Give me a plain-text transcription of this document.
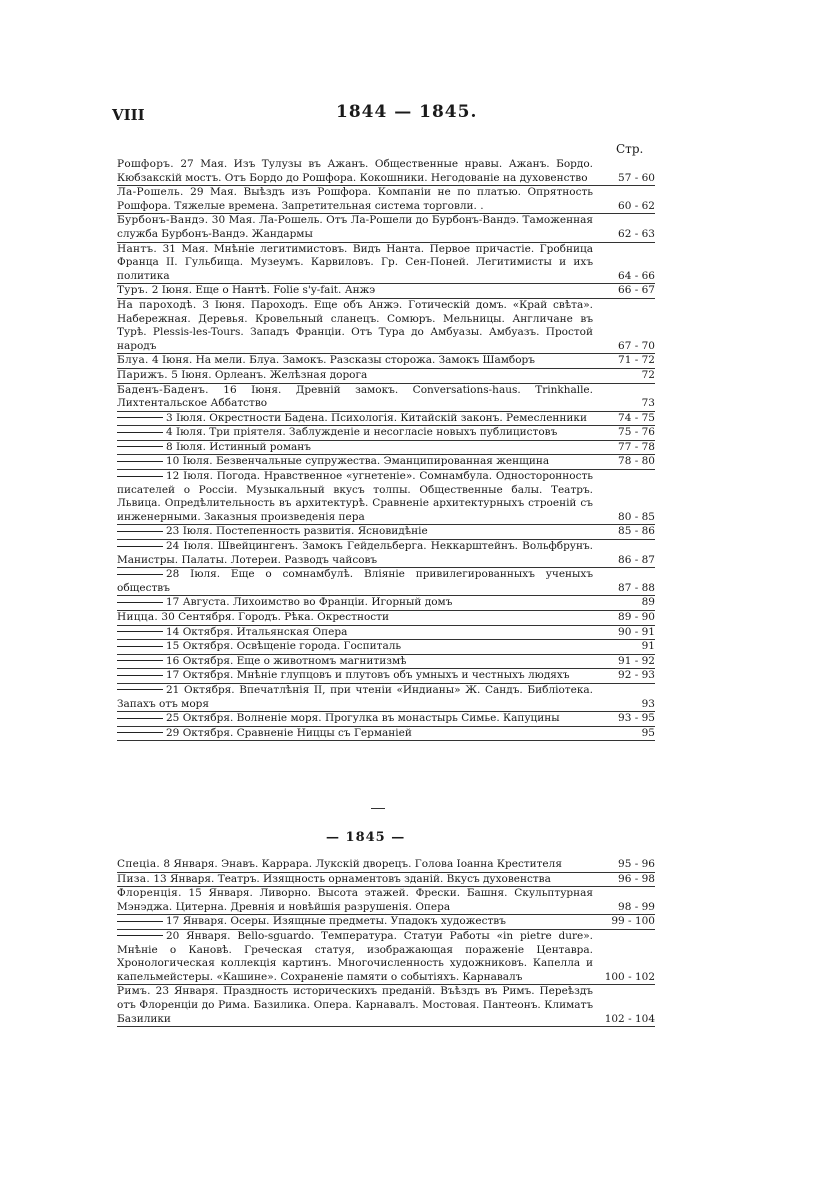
VIII	1844 — 1845.
Стр.
Рошфоръ. 27 Мая. Изъ Тулузы въ Ажанъ. Общественные нравы. Ажанъ. Бордо. Кюбзакскій мостъ. Отъ Бордо до Рошфора. Кокошники. Негодованіе на духовенство	57 - 60
Ла-Рошель. 29 Мая. Выѣздъ изъ Рошфора. Компаніи не по платью. Опрятность Рошфора. Тяжелые времена. Запретительная система торговли. .	60 - 62
Бурбонъ-Вандэ. 30 Мая. Ла-Рошель. Отъ Ла-Рошели до Бурбонъ-Вандэ. Таможенная служба Бурбонъ-Вандэ. Жандармы	62 - 63
Нантъ. 31 Мая. Мнѣніе легитимистовъ. Видъ Нанта. Первое причастіе. Гробница Франца II. Гульбища. Музеумъ. Карвиловъ. Гр. Сен-Поней. Легитимисты и ихъ политика	64 - 66
Туръ. 2 Іюня. Еще о Нантѣ. Folie s'y-fait. Анжэ	66 - 67
На пароходѣ. 3 Іюня. Пароходъ. Еще объ Анжэ. Готическій домъ. «Край свѣта». Набережная. Деревья. Кровельный сланецъ. Сомюръ. Мельницы. Англичане въ Турѣ. Plessis-les-Tours. Западъ Франціи. Отъ Тура до Амбуазы. Амбуазъ. Простой народъ	67 - 70
Блуа. 4 Іюня. На мели. Блуа. Замокъ. Разсказы сторожа. Замокъ Шамбоpъ	71 - 72
Парижъ. 5 Іюня. Орлеанъ. Желѣзная дорога	72
Баденъ-Баденъ. 16 Іюня. Древній замокъ. Conversations-haus. Trinkhalle. Лихтентальское Аббатство	73
3 Іюля. Окрестности Бадена. Психологія. Китайскій законъ. Ремесленники	74 - 75
4 Іюля. Три пріятеля. Заблужденіе и несогласіе новыхъ публицистовъ	75 - 76
8 Іюля. Истинный романъ	77 - 78
10 Іюля. Безвенчальные супружества. Эманципированная женщина	78 - 80
12 Іюля. Погода. Нравственное «угнетеніе». Сомнамбула. Односторонность писателей о Россіи. Музыкальный вкусъ толпы. Общественные балы. Театръ. Львица. Опредѣлительность въ архитектурѣ. Сравненіе архитектурныхъ строеній съ инженерными. Заказныя произведенія пера	80 - 85
23 Іюля. Постепенность развитія. Ясновидѣніе	85 - 86
24 Іюля. Швейцингенъ. Замокъ Гейдельберга. Неккарштейнъ. Вольфбрунъ. Манистры. Палаты. Лотереи. Разводъ чайсовъ	86 - 87
28 Іюля. Еще о сомнамбулѣ. Вліяніе привилегированныхъ ученыхъ обществъ	87 - 88
17 Августа. Лихоимство во Франціи. Игорный домъ	89
Ницца. 30 Сентября. Городъ. Рѣка. Окрестности	89 - 90
14 Октября. Итальянская Опера	90 - 91
15 Октября. Освѣщеніе города. Госпиталь	91
16 Октября. Еще о животномъ магнитизмѣ	91 - 92
17 Октября. Мнѣніе глупцовъ и плутовъ объ умныхъ и честныхъ людяхъ	92 - 93
21 Октября. Впечатлѣнія II, при чтеніи «Индианы» Ж. Сандъ. Библіотека. Запахъ отъ моря	93
25 Октября. Волненіе моря. Прогулка въ монастырь Симье. Капуцины	93 - 95
29 Октября. Сравненіе Ниццы съ Германіей	95
— 1845 —
Спеціа. 8 Января. Энавъ. Каррара. Лукскій дворецъ. Голова Іоанна Крестителя	95 - 96
Пиза. 13 Января. Театръ. Изящность орнаментовъ зданій. Вкусъ духовенства	96 - 98
Флоренція. 15 Января. Ливорно. Высота этажей. Фрески. Башня. Скульптурная Мэнэджа. Цитерна. Древнія и новѣйшія разрушенія. Опера	98 - 99
17 Января. Осеры. Изящные предметы. Упадокъ художествъ	99 - 100
20 Января. Bello-sguardo. Температура. Статуи Работы «in pietre dure». Мнѣніе о Кановѣ. Греческая статуя, изображающая пораженіе Центавра. Хронологическая коллекція картинъ. Многочисленность художниковъ. Капелла и капельмейстеры. «Кашине». Сохраненіе памяти о событіяхъ. Карнавалъ	100 - 102
Римъ. 23 Января. Праздность историческихъ преданій. Въѣздъ въ Римъ. Переѣздъ отъ Флоренціи до Рима. Базилика. Опера. Карнавалъ. Мостовая. Пантеонъ. Климатъ Базилики	102 - 104
